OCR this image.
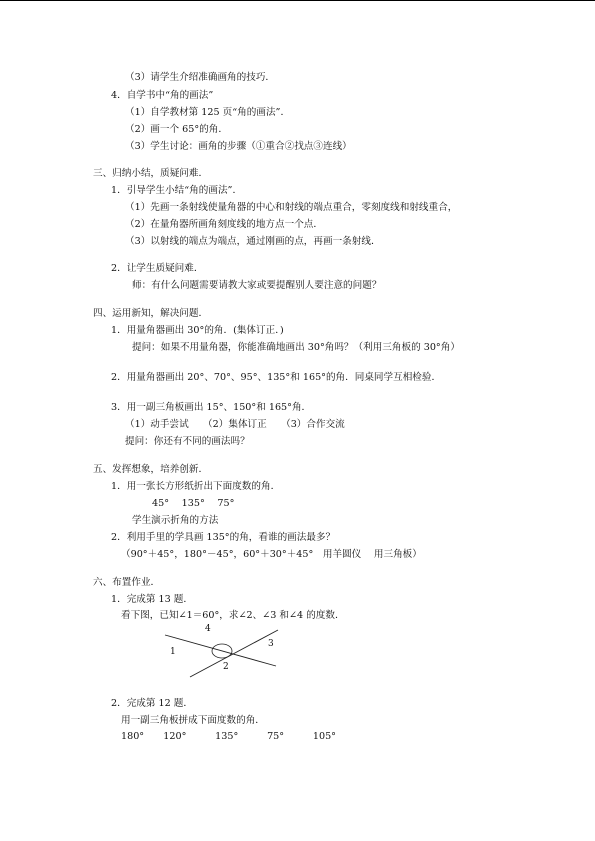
（3）请学生介绍准确画角的技巧．
4．自学书中“角的画法”
（1）自学教材第 125 页“角的画法”．
（2）画一个 65°的角．
（3）学生讨论：画角的步骤（①重合②找点③连线）
三、归纳小结，质疑问难．
1．引导学生小结“角的画法”．
（1）先画一条射线使量角器的中心和射线的端点重合，零刻度线和射线重合，
（2）在量角器所画角刻度线的地方点一个点．
（3）以射线的端点为端点，通过刚画的点，再画一条射线．
2．让学生质疑问难．
师：有什么问题需要请教大家或要提醒别人要注意的问题？
四、运用新知，解决问题．
1．用量角器画出 30°的角．(集体订正．)
提问：如果不用量角器，你能准确地画出 30°角吗？（利用三角板的 30°角）
2．用量角器画出 20°、70°、95°、135°和 165°的角．同桌同学互相检验．
3．用一副三角板画出 15°、150°和 165°角．
（1）动手尝试　　（2）集体订正　　（3）合作交流
提问：你还有不同的画法吗？
五、发挥想象，培养创新．
1．用一张长方形纸折出下面度数的角．
45°　 135°　 75°
学生演示折角的方法
2．利用手里的学具画 135°的角，看谁的画法最多？
（90°＋45°，180°－45°，60°＋30°＋45°　用羊圆仪　 用三角板）
六、布置作业．
1．完成第 13 题．
看下图，已知∠1＝60°，求∠2、∠3 和∠4 的度数．
4
1
3
2
2．完成第 12 题．
用一副三角板拼成下面度数的角．
180°　　120°　　　135°　　　75°　　　105°
